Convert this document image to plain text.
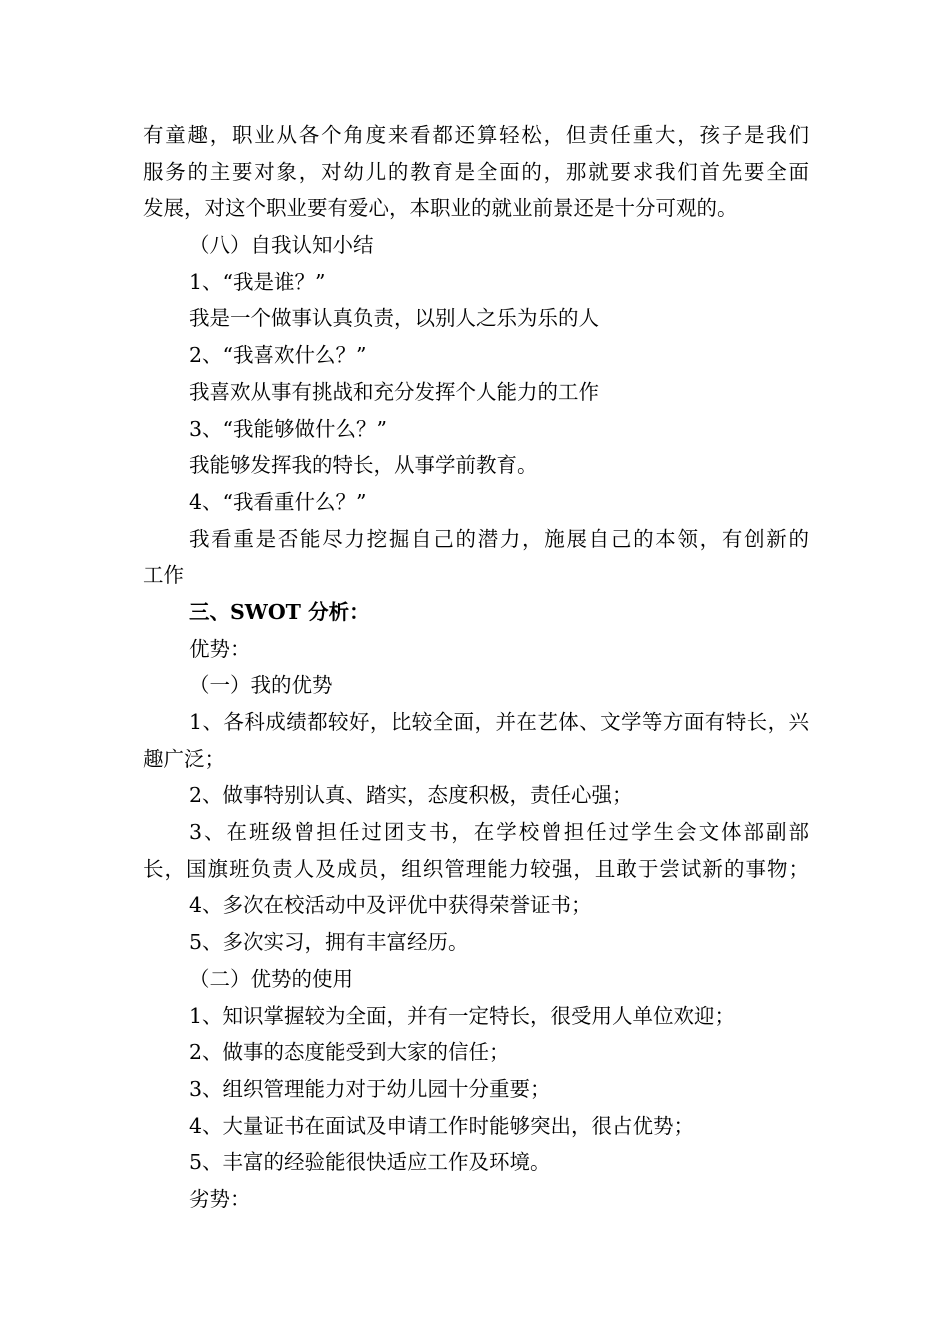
有童趣，职业从各个角度来看都还算轻松，但责任重大，孩子是我们
服务的主要对象，对幼儿的教育是全面的，那就要求我们首先要全面
发展，对这个职业要有爱心，本职业的就业前景还是十分可观的。
（八）自我认知小结
1、“我是谁？”
我是一个做事认真负责，以别人之乐为乐的人
2、“我喜欢什么？”
我喜欢从事有挑战和充分发挥个人能力的工作
3、“我能够做什么？”
我能够发挥我的特长，从事学前教育。
4、“我看重什么？”
我看重是否能尽力挖掘自己的潜力，施展自己的本领，有创新的
工作
三、SWOT 分析：
优势：
（一）我的优势
1、各科成绩都较好，比较全面，并在艺体、文学等方面有特长，兴
趣广泛；
2、做事特别认真、踏实，态度积极，责任心强；
3、在班级曾担任过团支书，在学校曾担任过学生会文体部副部
长，国旗班负责人及成员，组织管理能力较强，且敢于尝试新的事物；
4、多次在校活动中及评优中获得荣誉证书；
5、多次实习，拥有丰富经历。
（二）优势的使用
1、知识掌握较为全面，并有一定特长，很受用人单位欢迎；
2、做事的态度能受到大家的信任；
3、组织管理能力对于幼儿园十分重要；
4、大量证书在面试及申请工作时能够突出，很占优势；
5、丰富的经验能很快适应工作及环境。
劣势：
